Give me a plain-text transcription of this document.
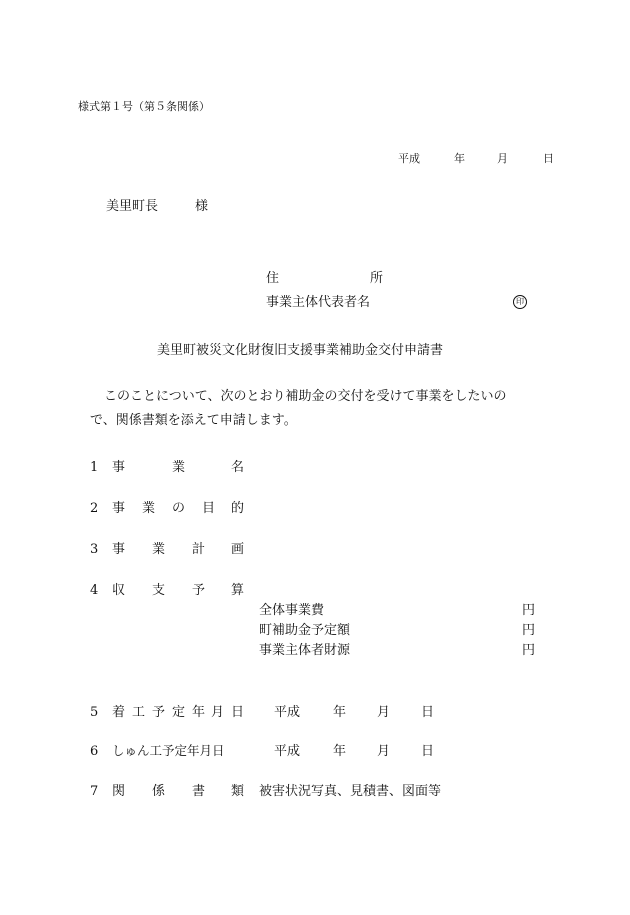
様式第１号（第５条関係）
平成	年	月	日
美里町長	様
住	所
事業主体代表者名	印
美里町被災文化財復旧支援事業補助金交付申請書
このことについて、次のとおり補助金の交付を受けて事業をしたいの
で、関係書類を添えて申請します。
1 事	業	名
2 事 業 の 目 的
3 事 業 計 画
4 収 支 予 算
全体事業費	円
町補助金予定額	円
事業主体者財源	円
5 着 工 予 定 年 月 日 平成	年 月 日
6 しゅん工予定年月日	平成	年 月 日
7 関 係 書 類 被害状況写真、見積書、図面等
